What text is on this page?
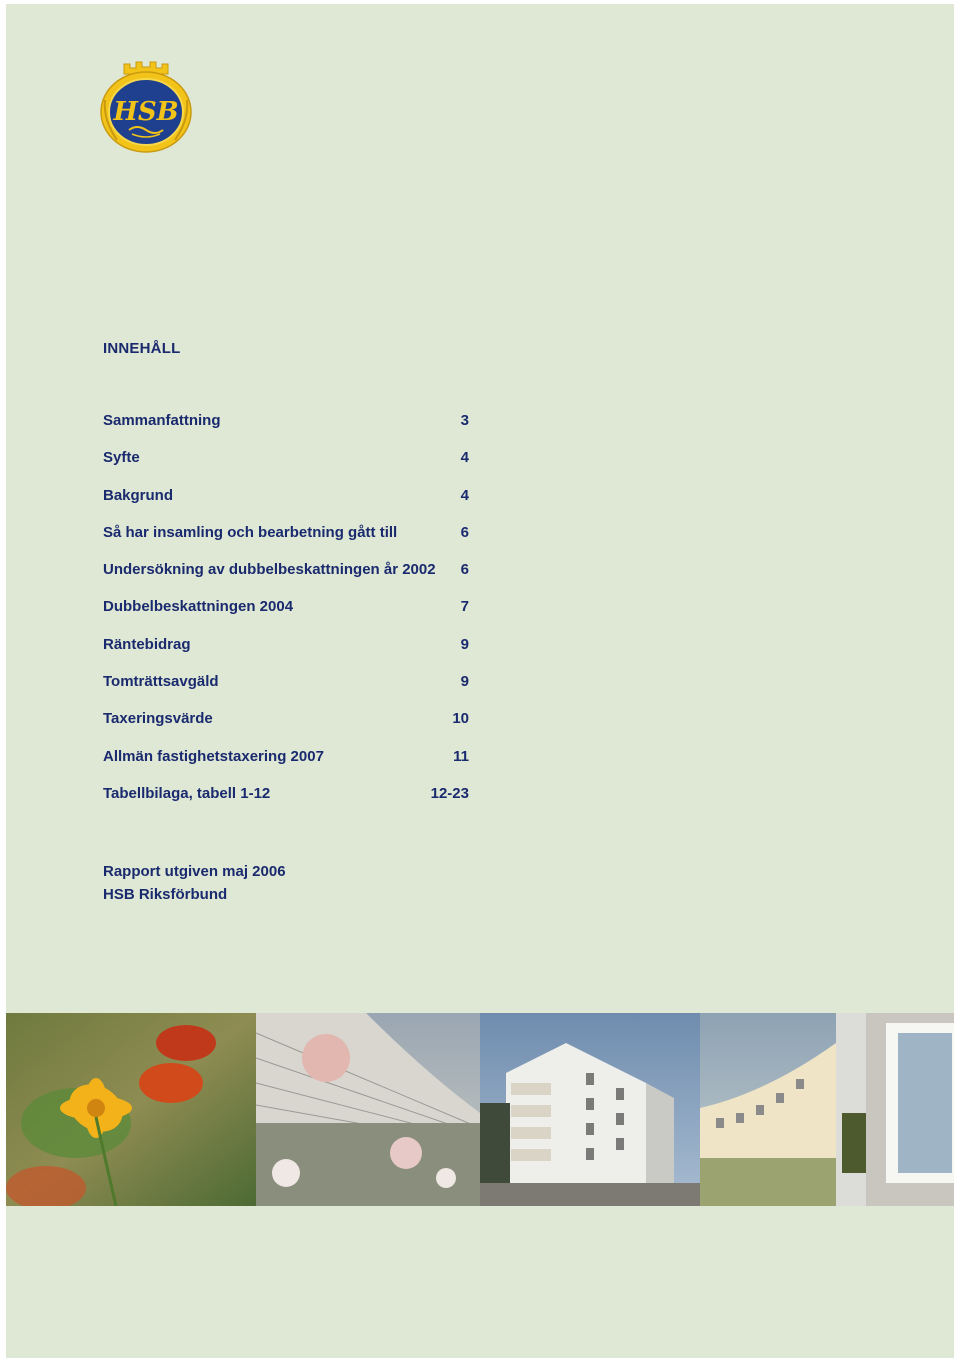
HSB
INNEHÅLL
Sammanfattning	3
Syfte	4
Bakgrund	4
Så har insamling och bearbetning gått till	6
Undersökning av dubbelbeskattningen år 2002 6
Dubbelbeskattningen 2004	7
Räntebidrag	9
Tomträttsavgäld	9
Taxeringsvärde	10
Allmän fastighetstaxering 2007	11
Tabellbilaga, tabell 1-12	12-23
Rapport utgiven maj 2006
HSB Riksförbund
